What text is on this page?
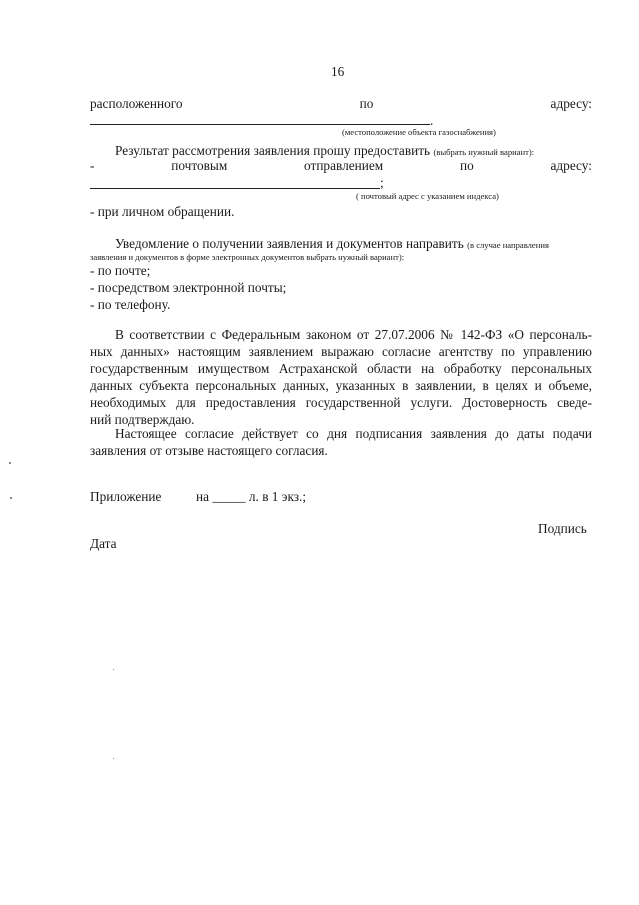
16
расположенного	по	адресу:
.
(местоположение объекта газоснабжения)
Результат рассмотрения заявления прошу предоставить (выбрать нужный вариант):
-	почтовым	отправлением	по	адресу:
;
( почтовый адрес с указанием индекса)
- при личном обращении.
Уведомление о получении заявления и документов направить (в случае направления
заявления и документов в форме электронных документов выбрать нужный вариант):
- по почте;
- посредством электронной почты;
- по телефону.
В соответствии с Федеральным законом от 27.07.2006 № 142-ФЗ «О персональ-
ных данных» настоящим заявлением выражаю согласие агентству по управлению
государственным имуществом Астраханской области на обработку персональных
данных субъекта персональных данных, указанных в заявлении, в целях и объеме,
необходимых для предоставления государственной услуги. Достоверность сведе-
ний подтверждаю.
Настоящее согласие действует со дня подписания заявления до даты подачи
заявления от отзыве настоящего согласия.
Приложение	на _____ л. в 1 экз.;
Подпись
Дата
